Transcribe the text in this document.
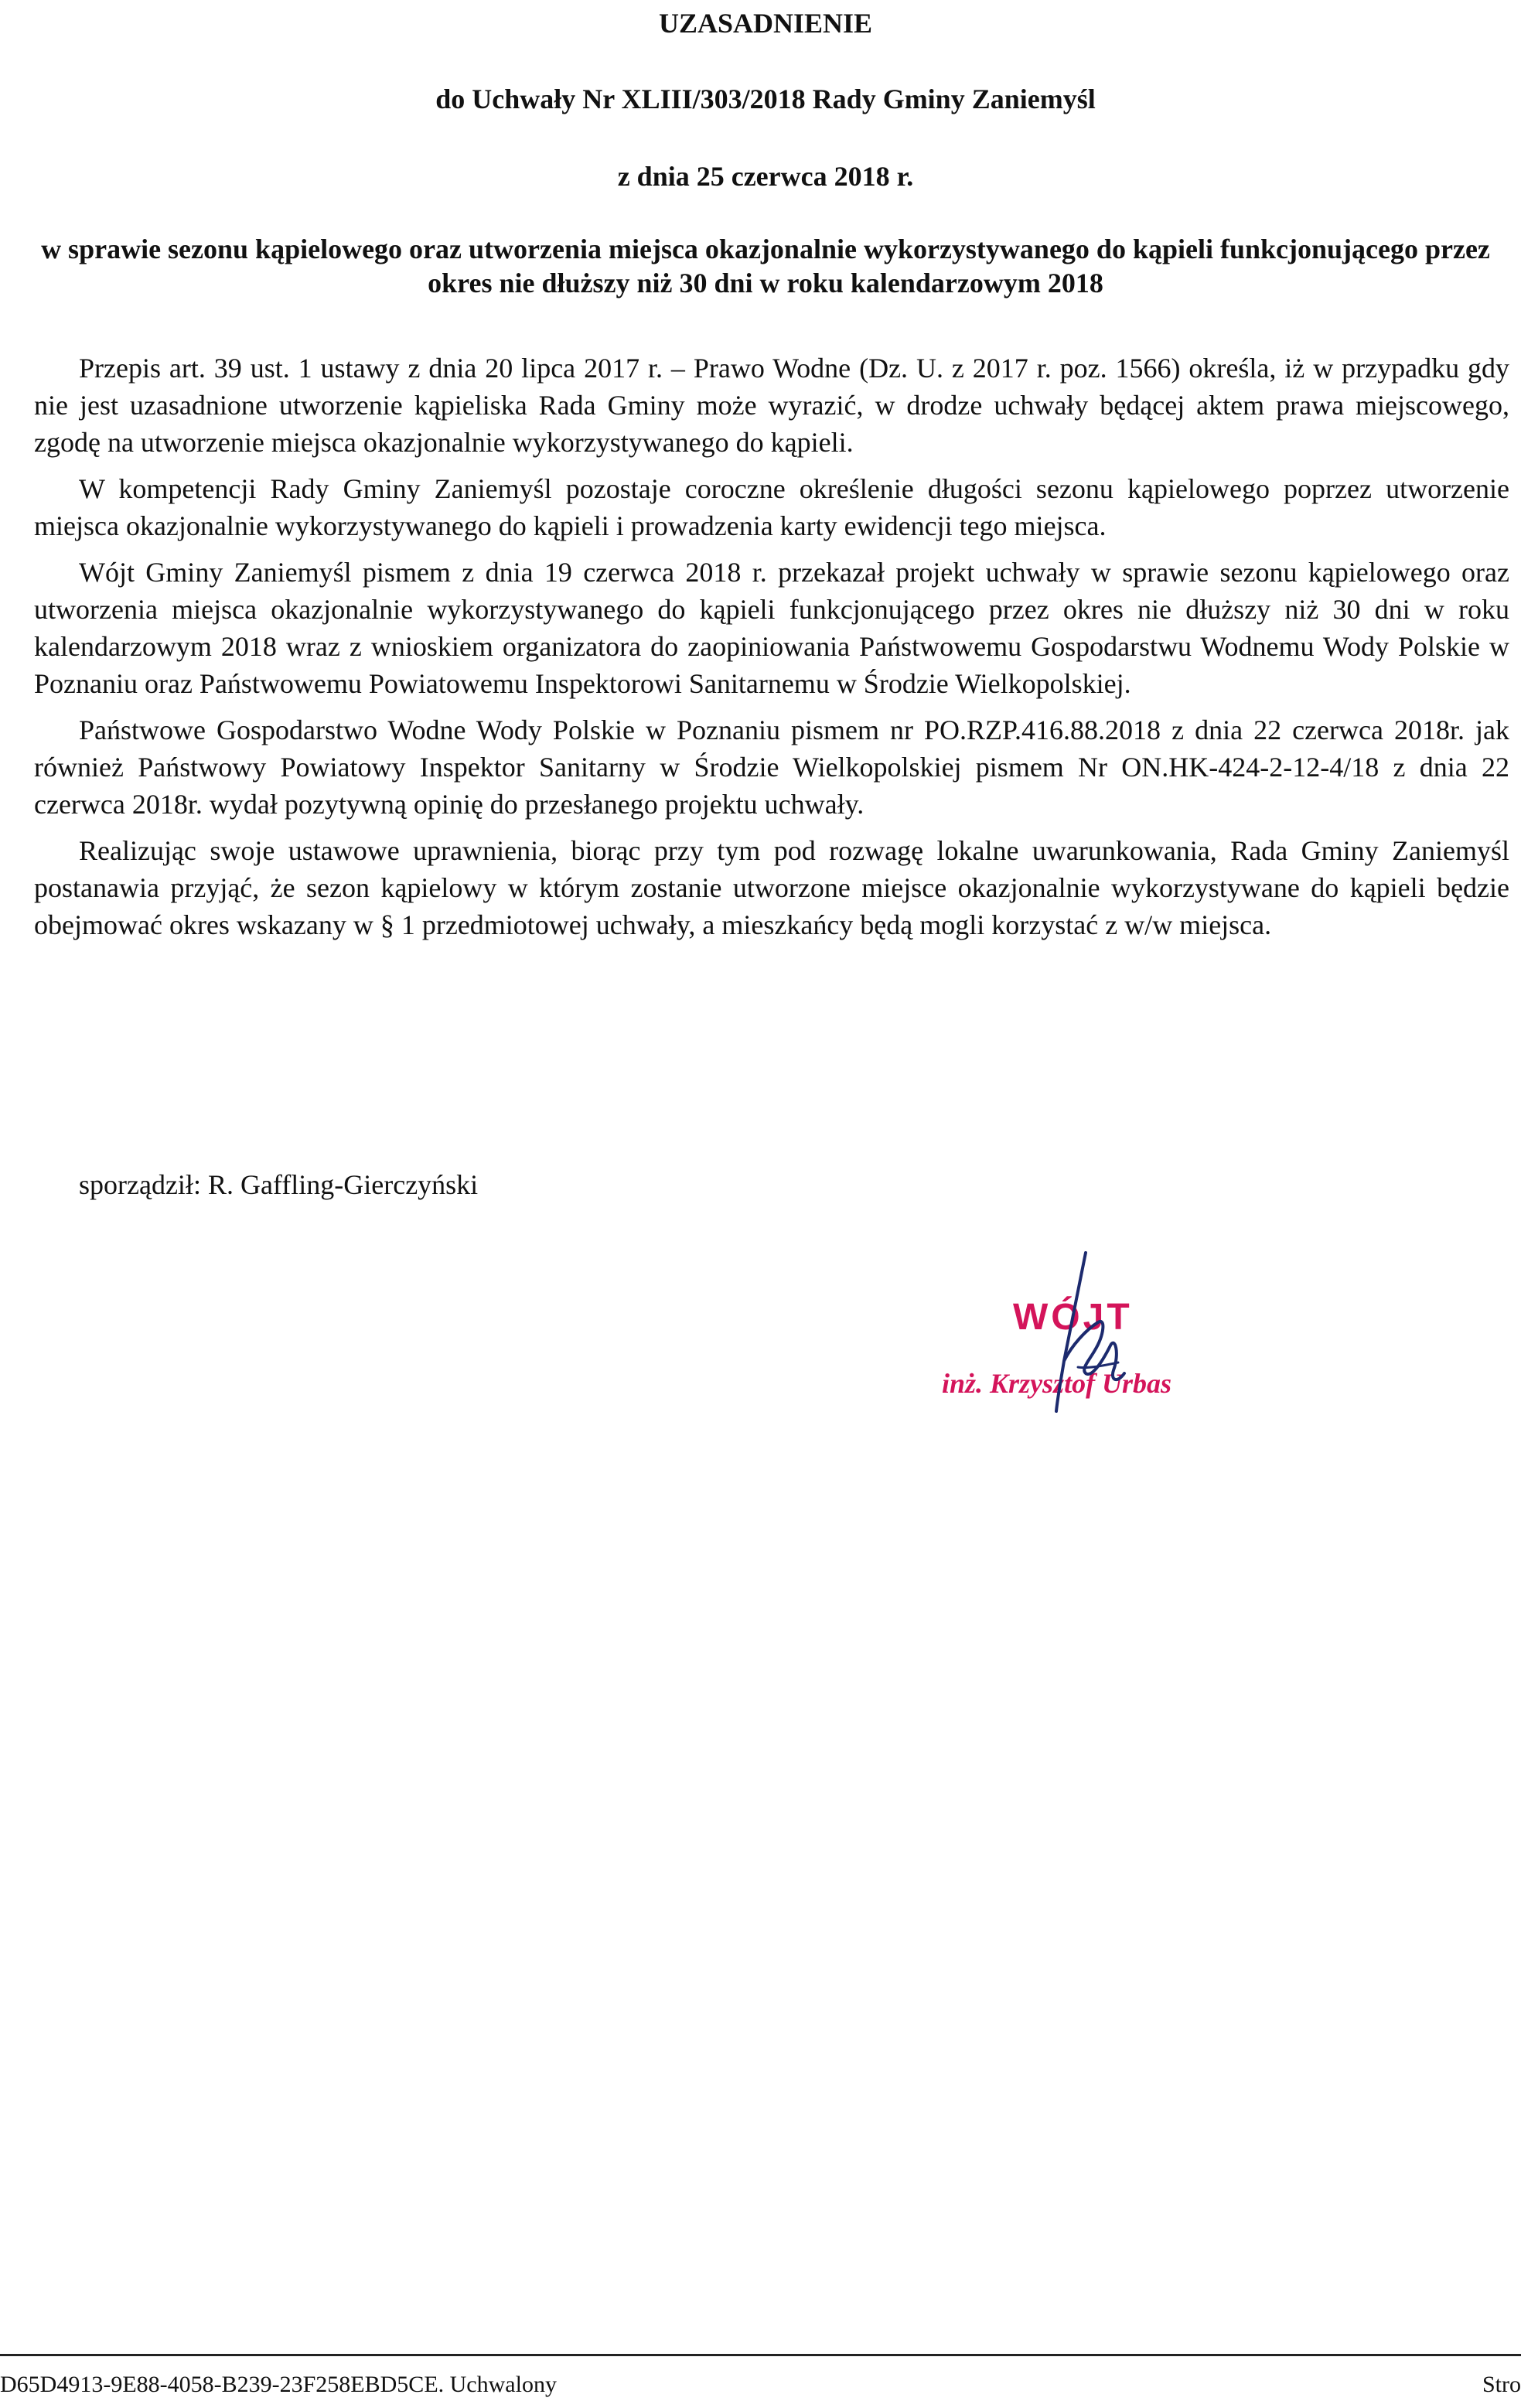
UZASADNIENIE
do Uchwały Nr XLIII/303/2018 Rady Gminy Zaniemyśl
z dnia 25 czerwca 2018 r.
w sprawie sezonu kąpielowego oraz utworzenia miejsca okazjonalnie wykorzystywanego do kąpieli funkcjonującego przez okres nie dłuższy niż 30 dni w roku kalendarzowym 2018

Przepis art. 39 ust. 1 ustawy z dnia 20 lipca 2017 r. – Prawo Wodne (Dz. U. z 2017 r. poz. 1566) określa, iż w przypadku gdy nie jest uzasadnione utworzenie kąpieliska Rada Gminy może wyrazić, w drodze uchwały będącej aktem prawa miejscowego, zgodę na utworzenie miejsca okazjonalnie wykorzystywanego do kąpieli.

W kompetencji Rady Gminy Zaniemyśl pozostaje coroczne określenie długości sezonu kąpielowego poprzez utworzenie miejsca okazjonalnie wykorzystywanego do kąpieli i prowadzenia karty ewidencji tego miejsca.

Wójt Gminy Zaniemyśl pismem z dnia 19 czerwca 2018 r. przekazał projekt uchwały w sprawie sezonu kąpielowego oraz utworzenia miejsca okazjonalnie wykorzystywanego do kąpieli funkcjonującego przez okres nie dłuższy niż 30 dni w roku kalendarzowym 2018 wraz z wnioskiem organizatora do zaopiniowania Państwowemu Gospodarstwu Wodnemu Wody Polskie w Poznaniu oraz Państwowemu Powiatowemu Inspektorowi Sanitarnemu w Środzie Wielkopolskiej.

Państwowe Gospodarstwo Wodne Wody Polskie w Poznaniu pismem nr PO.RZP.416.88.2018 z dnia 22 czerwca 2018r. jak również Państwowy Powiatowy Inspektor Sanitarny w Środzie Wielkopolskiej pismem Nr ON.HK-424-2-12-4/18 z dnia 22 czerwca 2018r. wydał pozytywną opinię do przesłanego projektu uchwały.

Realizując swoje ustawowe uprawnienia, biorąc przy tym pod rozwagę lokalne uwarunkowania, Rada Gminy Zaniemyśl postanawia przyjąć, że sezon kąpielowy w którym zostanie utworzone miejsce okazjonalnie wykorzystywane do kąpieli będzie obejmować okres wskazany w § 1 przedmiotowej uchwały, a mieszkańcy będą mogli korzystać z w/w miejsca.

sporządził: R. Gaffling-Gierczyński
WÓJT
inż. Krzysztof Urbas
D65D4913-9E88-4058-B239-23F258EBD5CE. Uchwalony	Stro
